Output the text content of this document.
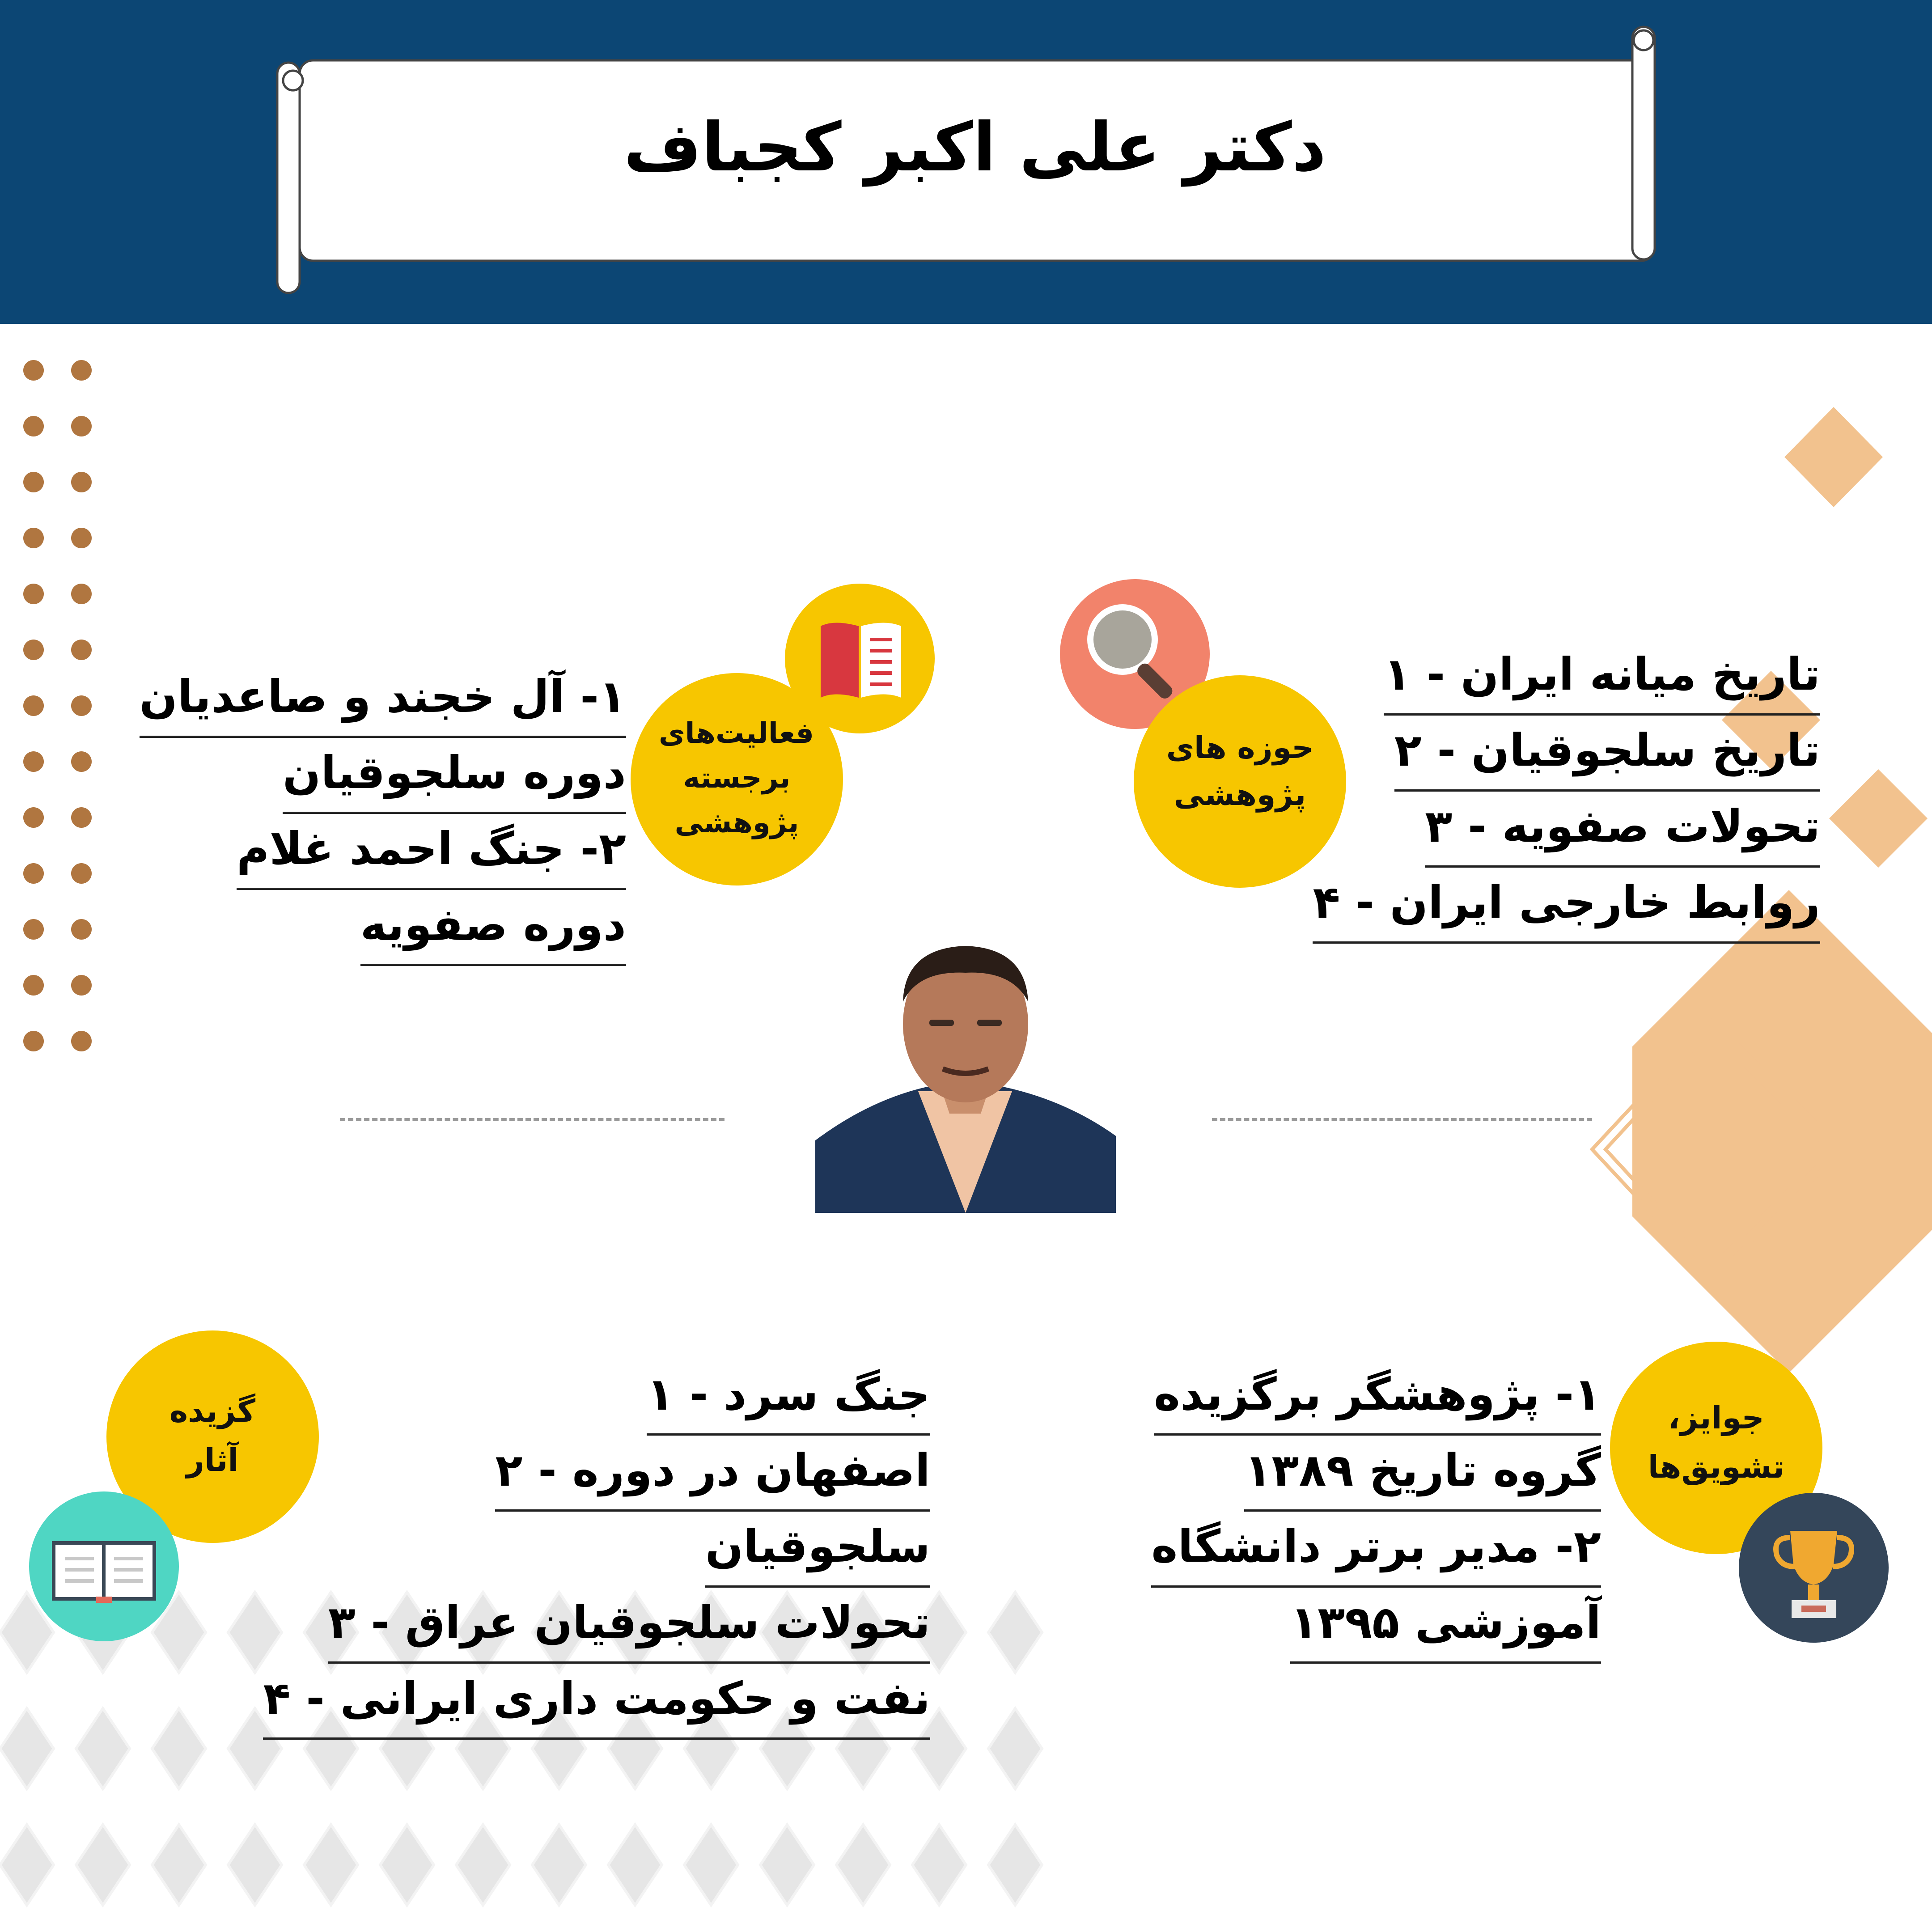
دکتر علی اکبر کجباف
حوزه های پژوهشی
تاریخ میانه ایران - ۱
تاریخ سلجوقیان - ۲
تحولات صفویه - ۳
روابط خارجی ایران - ۴
فعالیت‌های برجسته پژوهشی
۱- آل خجند و صاعدیان
دوره سلجوقیان
۲- جنگ احمد غلام
دوره صفویه
گزیده آثار
جنگ سرد - ۱
اصفهان در دوره - ۲
سلجوقیان
تحولات سلجوقیان عراق - ۳
نفت و حکومت داری ایرانی - ۴
جوایز، تشویق‌ها
۱- پژوهشگر برگزیده
گروه تاریخ ۱۳۸۹
۲- مدیر برتر دانشگاه
آموزشی ۱۳۹۵
